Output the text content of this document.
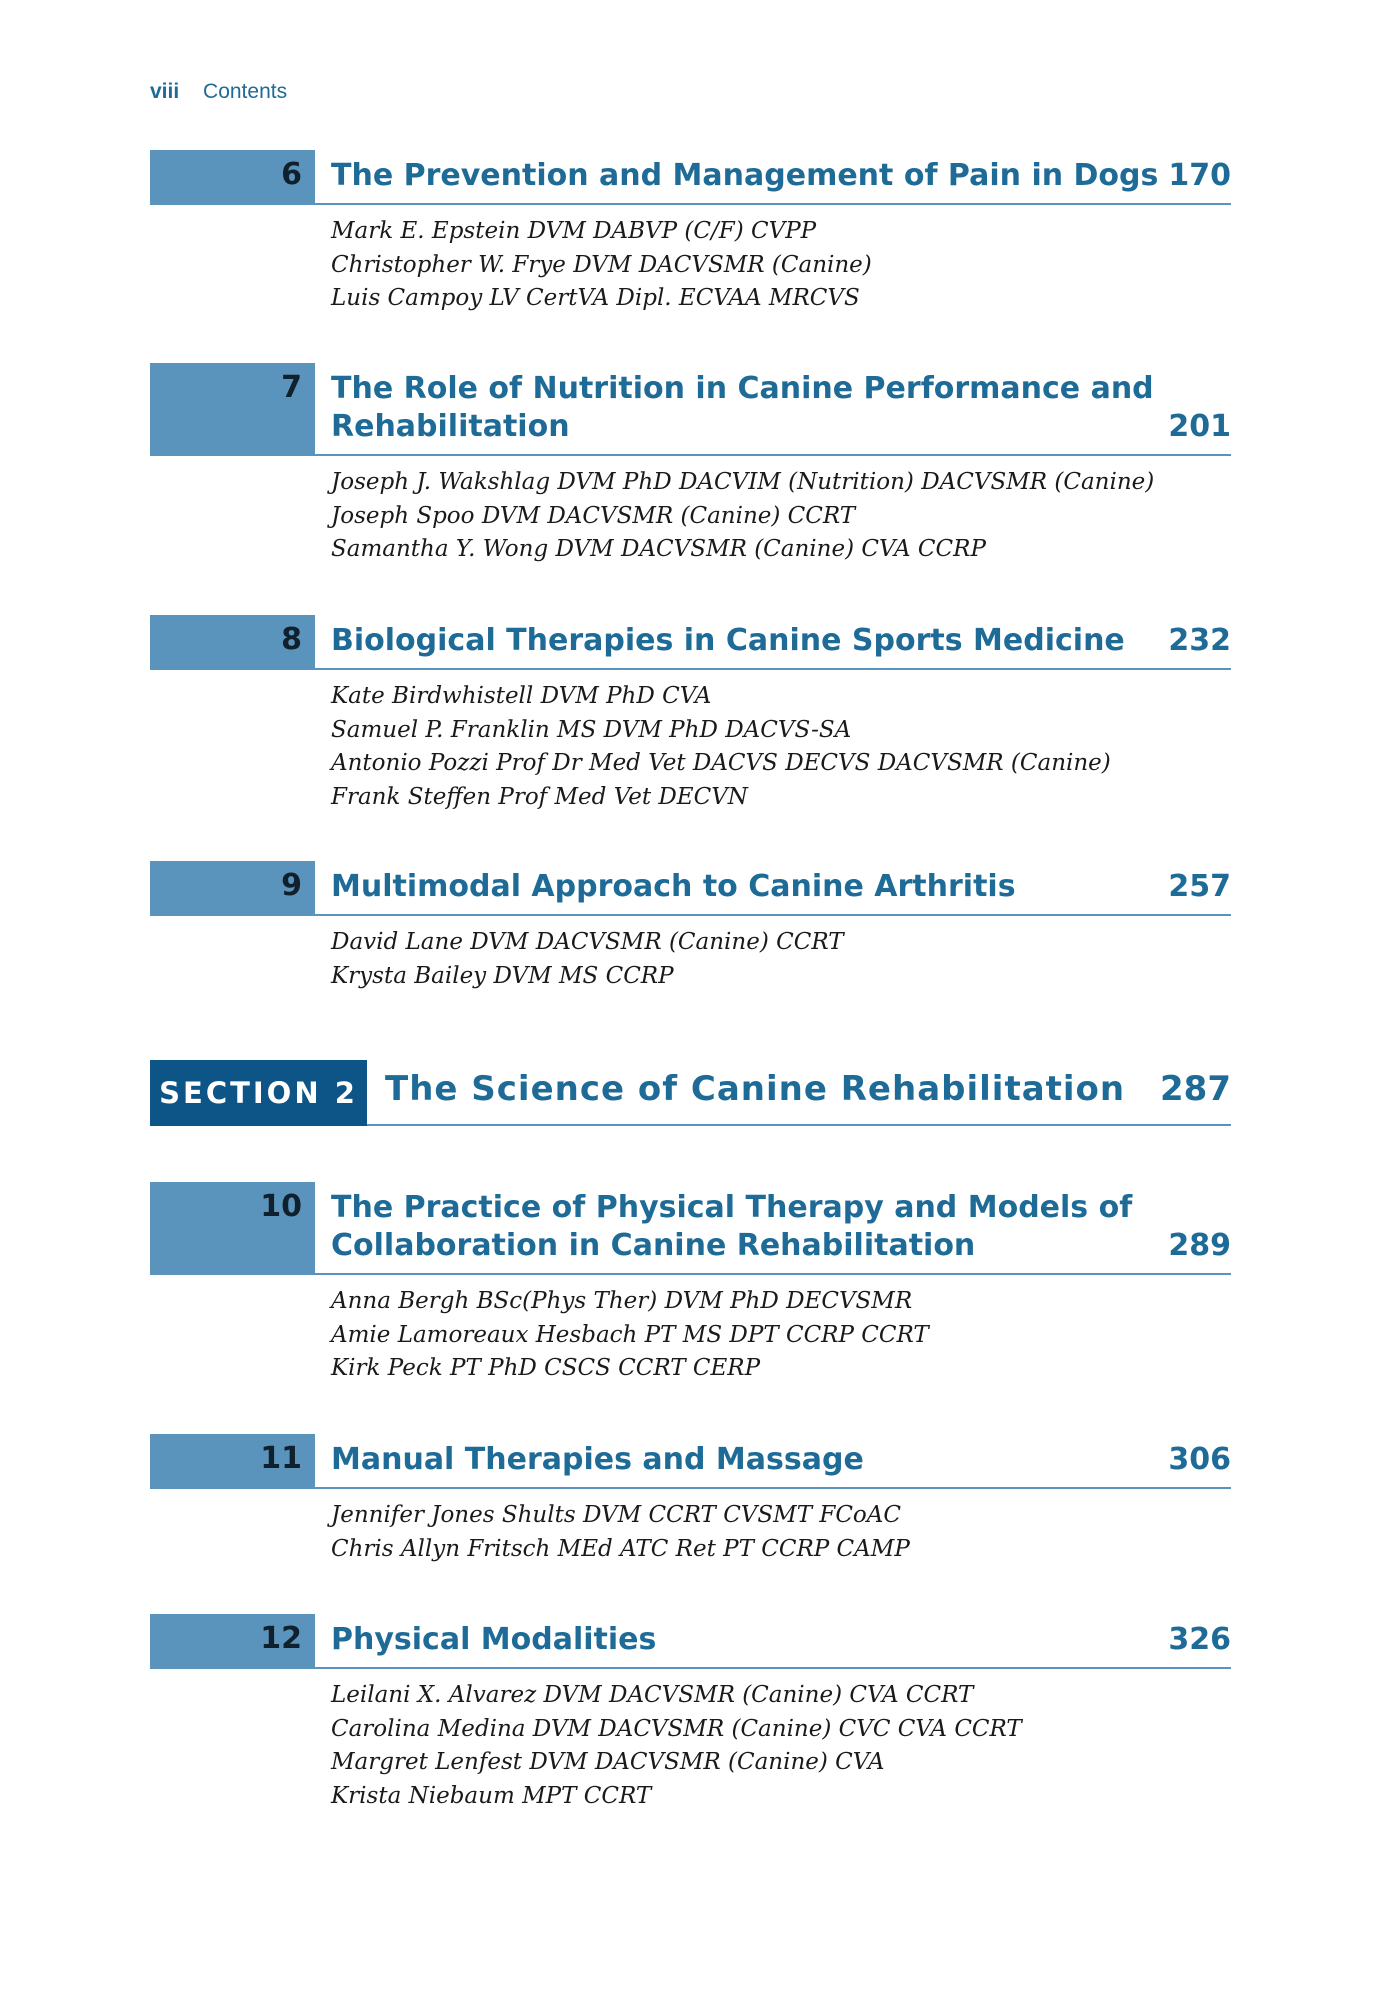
viii Contents
6 The Prevention and Management of Pain in Dogs 170
Mark E. Epstein DVM DABVP (C/F) CVPP
Christopher W. Frye DVM DACVSMR (Canine)
Luis Campoy LV CertVA Dipl. ECVAA MRCVS
7 The Role of Nutrition in Canine Performance and
Rehabilitation	201
Joseph J. Wakshlag DVM PhD DACVIM (Nutrition) DACVSMR (Canine)
Joseph Spoo DVM DACVSMR (Canine) CCRT
Samantha Y. Wong DVM DACVSMR (Canine) CVA CCRP
8 Biological Therapies in Canine Sports Medicine	232
Kate Birdwhistell DVM PhD CVA
Samuel P. Franklin MS DVM PhD DACVS-SA
Antonio Pozzi Prof Dr Med Vet DACVS DECVS DACVSMR (Canine)
Frank Steffen Prof Med Vet DECVN
9 Multimodal Approach to Canine Arthritis	257
David Lane DVM DACVSMR (Canine) CCRT
Krysta Bailey DVM MS CCRP
SECTION 2 The Science of Canine Rehabilitation 287
10 The Practice of Physical Therapy and Models of
Collaboration in Canine Rehabilitation	289
Anna Bergh BSc(Phys Ther) DVM PhD DECVSMR
Amie Lamoreaux Hesbach PT MS DPT CCRP CCRT
Kirk Peck PT PhD CSCS CCRT CERP
11 Manual Therapies and Massage	306
Jennifer Jones Shults DVM CCRT CVSMT FCoAC
Chris Allyn Fritsch MEd ATC Ret PT CCRP CAMP
12 Physical Modalities	326
Leilani X. Alvarez DVM DACVSMR (Canine) CVA CCRT
Carolina Medina DVM DACVSMR (Canine) CVC CVA CCRT
Margret Lenfest DVM DACVSMR (Canine) CVA
Krista Niebaum MPT CCRT
